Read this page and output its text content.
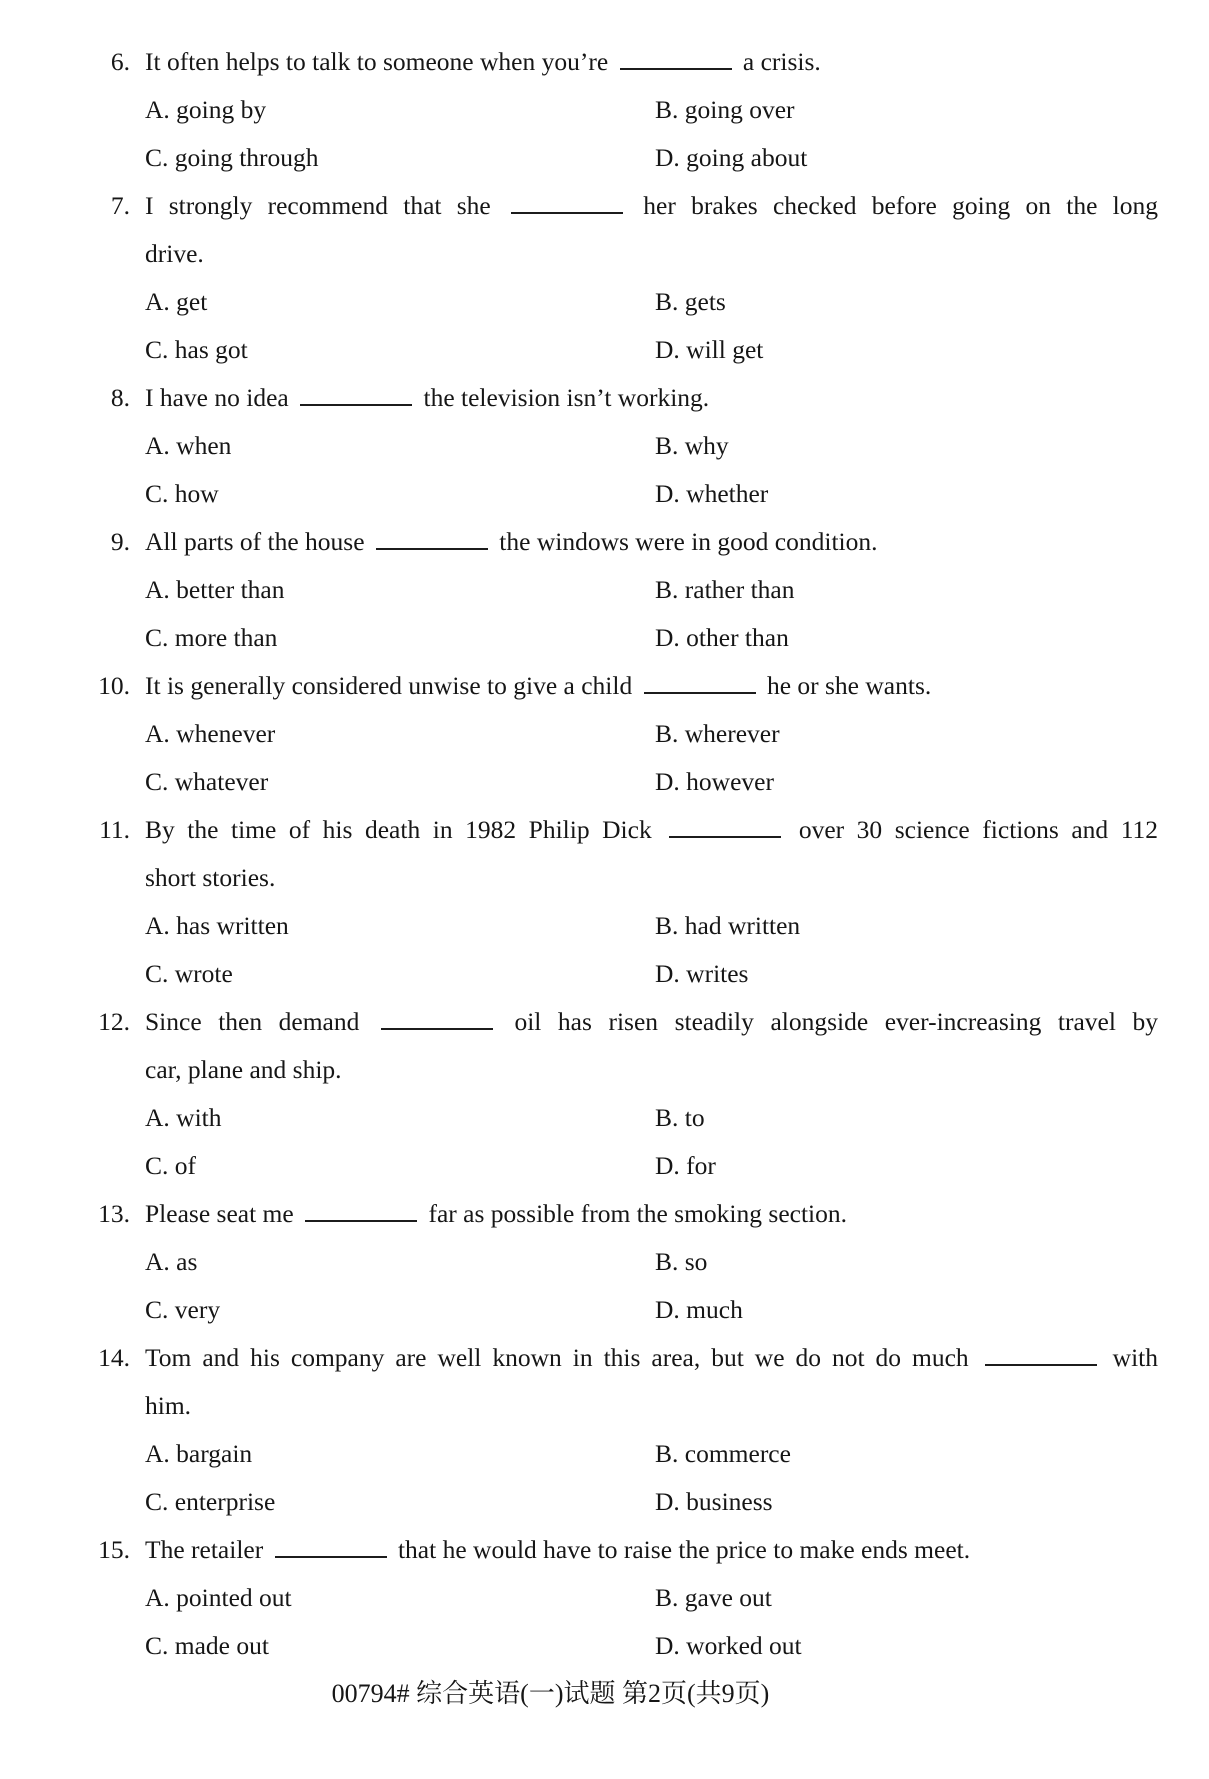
6. It often helps to talk to someone when you’re	a crisis.
A. going by	B. going over
C. going through	D. going about
7. I strongly recommend that she	her brakes checked before going on the long
drive.
A. get	B. gets
C. has got	D. will get
8. I have no idea	the television isn’t working.
A. when	B. why
C. how	D. whether
9. All parts of the house	the windows were in good condition.
A. better than	B. rather than
C. more than	D. other than
10. It is generally considered unwise to give a child	he or she wants.
A. whenever	B. wherever
C. whatever	D. however
11. By the time of his death in 1982 Philip Dick	over 30 science fictions and 112
short stories.
A. has written	B. had written
C. wrote	D. writes
12. Since then demand	oil has risen steadily alongside ever-increasing travel by
car, plane and ship.
A. with	B. to
C. of	D. for
13. Please seat me	far as possible from the smoking section.
A. as	B. so
C. very	D. much
14. Tom and his company are well known in this area, but we do not do much	with
him.
A. bargain	B. commerce
C. enterprise	D. business
15. The retailer	that he would have to raise the price to make ends meet.
A. pointed out	B. gave out
C. made out	D. worked out
00794# 综合英语(一)试题 第2页(共9页)
